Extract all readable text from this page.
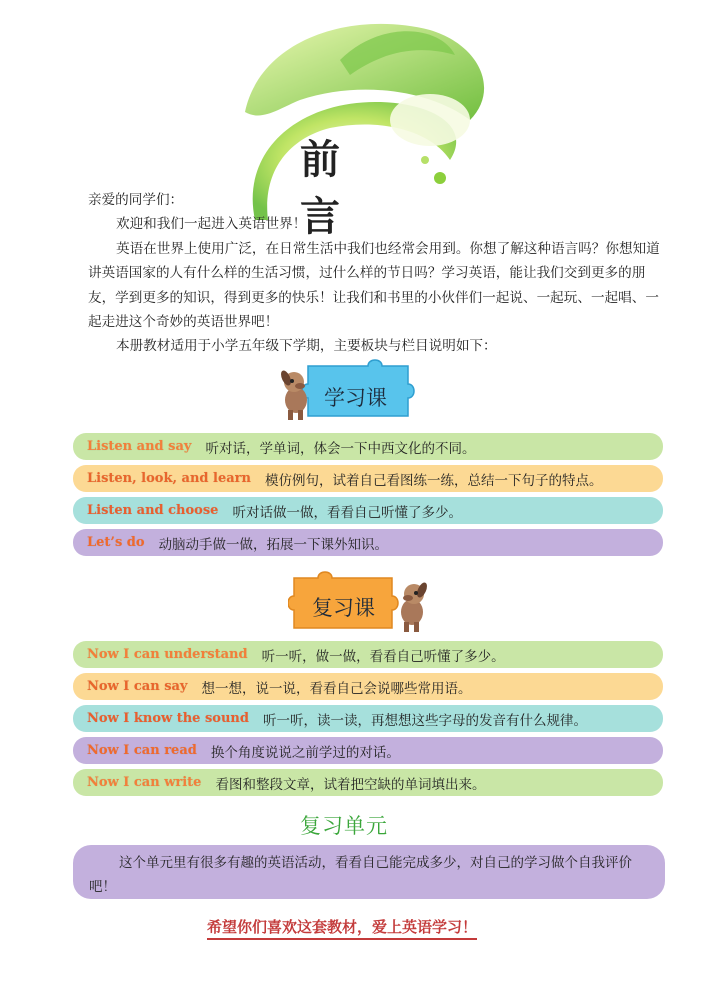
前 言

亲爱的同学们：

欢迎和我们一起进入英语世界！

英语在世界上使用广泛，在日常生活中我们也经常会用到。你想了解这种语言吗？你想知道讲英语国家的人有什么样的生活习惯，过什么样的节日吗？学习英语，能让我们交到更多的朋友，学到更多的知识，得到更多的快乐！让我们和书里的小伙伴们一起说、一起玩、一起唱、一起走进这个奇妙的英语世界吧！

本册教材适用于小学五年级下学期，主要板块与栏目说明如下：

学习课
Listen and say 听对话，学单词，体会一下中西文化的不同。
Listen, look, and learn 模仿例句，试着自己看图练一练，总结一下句子的特点。
Listen and choose 听对话做一做，看看自己听懂了多少。
Let’s do 动脑动手做一做，拓展一下课外知识。
复习课
Now I can understand 听一听，做一做，看看自己听懂了多少。
Now I can say 想一想，说一说，看看自己会说哪些常用语。
Now I know the sound 听一听，读一读，再想想这些字母的发音有什么规律。
Now I can read 换个角度说说之前学过的对话。
Now I can write 看图和整段文章，试着把空缺的单词填出来。
复习单元

这个单元里有很多有趣的英语活动，看看自己能完成多少，对自己的学习做个自我评价吧！

希望你们喜欢这套教材，爱上英语学习！
